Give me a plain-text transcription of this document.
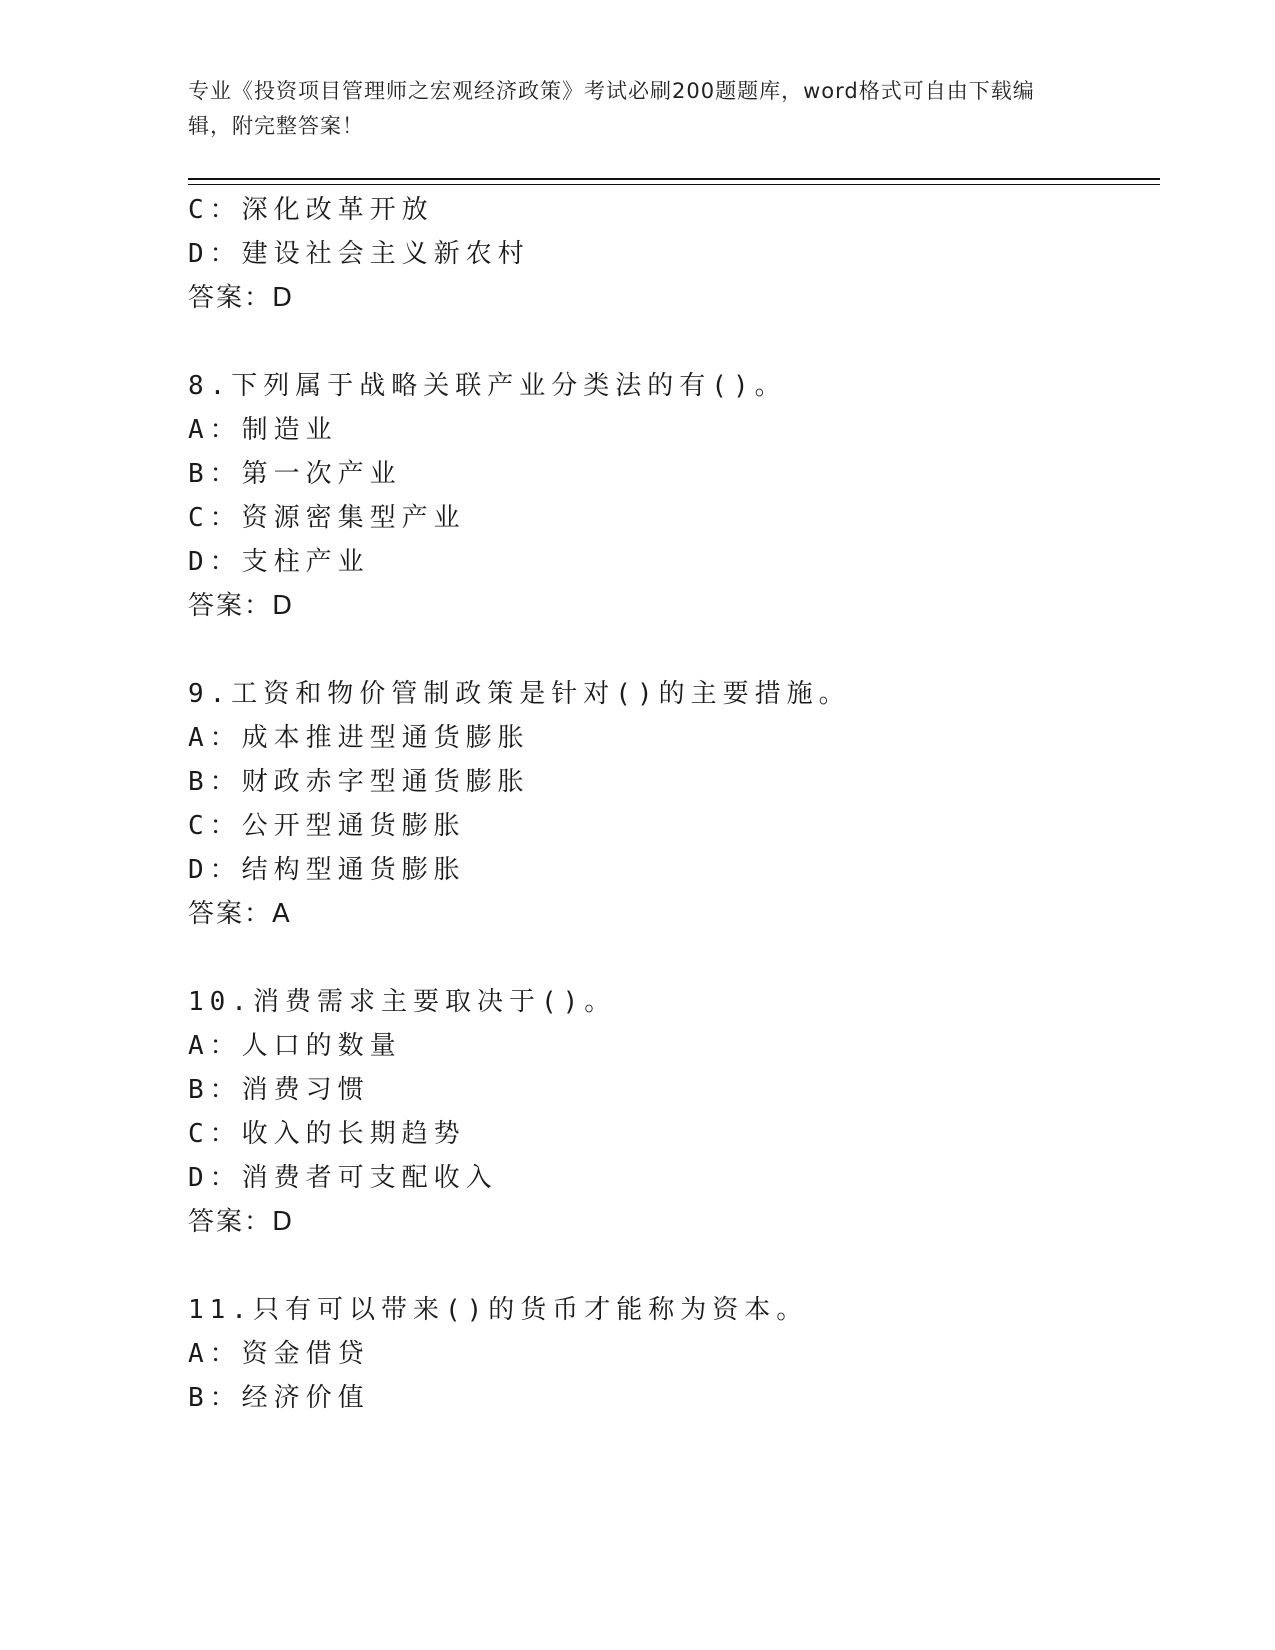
专业《投资项目管理师之宏观经济政策》考试必刷200题题库，word格式可自由下载编辑，附完整答案！
C：深化改革开放
D：建设社会主义新农村
答案：D
8.下列属于战略关联产业分类法的有()。
A：制造业
B：第一次产业
C：资源密集型产业
D：支柱产业
答案：D
9.工资和物价管制政策是针对()的主要措施。
A：成本推进型通货膨胀
B：财政赤字型通货膨胀
C：公开型通货膨胀
D：结构型通货膨胀
答案：A
10.消费需求主要取决于()。
A：人口的数量
B：消费习惯
C：收入的长期趋势
D：消费者可支配收入
答案：D
11.只有可以带来()的货币才能称为资本。
A：资金借贷
B：经济价值
